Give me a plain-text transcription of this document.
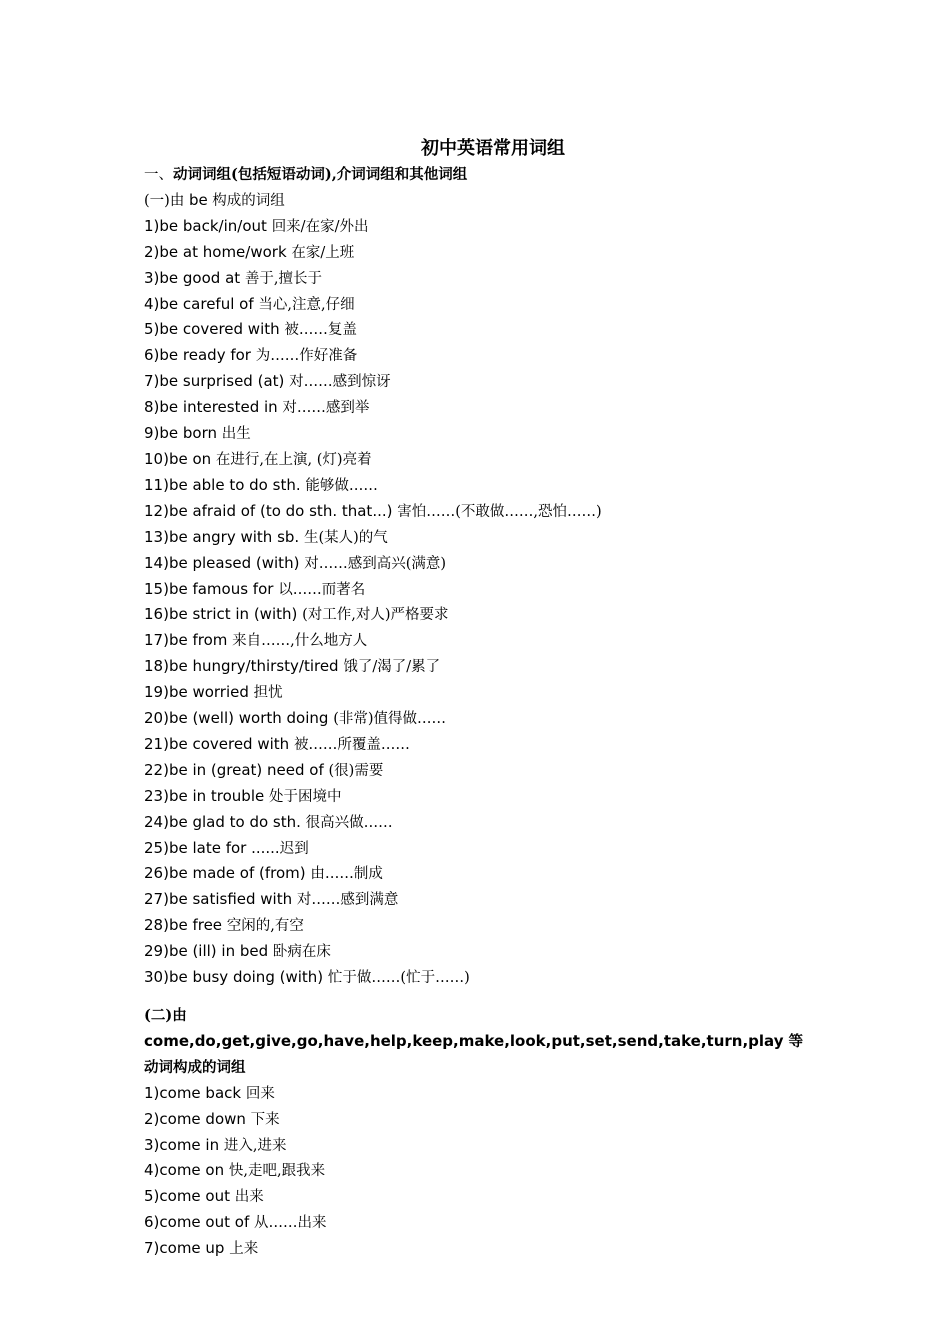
初中英语常用词组
一、动词词组(包括短语动词),介词词组和其他词组
(一)由 be 构成的词组
1)be back/in/out 回来/在家/外出
2)be at home/work 在家/上班
3)be good at 善于,擅长于
4)be careful of 当心,注意,仔细
5)be covered with 被……复盖
6)be ready for 为……作好准备
7)be surprised (at) 对……感到惊讶
8)be interested in 对……感到举
9)be born 出生
10)be on 在进行,在上演, (灯)亮着
11)be able to do sth. 能够做……
12)be afraid of (to do sth. that...) 害怕……(不敢做……,恐怕……)
13)be angry with sb. 生(某人)的气
14)be pleased (with) 对……感到高兴(满意)
15)be famous for 以……而著名
16)be strict in (with) (对工作,对人)严格要求
17)be from 来自……,什么地方人
18)be hungry/thirsty/tired 饿了/渴了/累了
19)be worried 担忧
20)be (well) worth doing (非常)值得做……
21)be covered with 被……所覆盖……
22)be in (great) need of (很)需要
23)be in trouble 处于困境中
24)be glad to do sth. 很高兴做……
25)be late for ......迟到
26)be made of (from) 由……制成
27)be satisfied with 对……感到满意
28)be free 空闲的,有空
29)be (ill) in bed 卧病在床
30)be busy doing (with) 忙于做……(忙于……)
(二)由
come,do,get,give,go,have,help,keep,make,look,put,set,send,take,turn,play 等动词构成的词组
1)come back 回来
2)come down 下来
3)come in 进入,进来
4)come on 快,走吧,跟我来
5)come out 出来
6)come out of 从……出来
7)come up 上来
